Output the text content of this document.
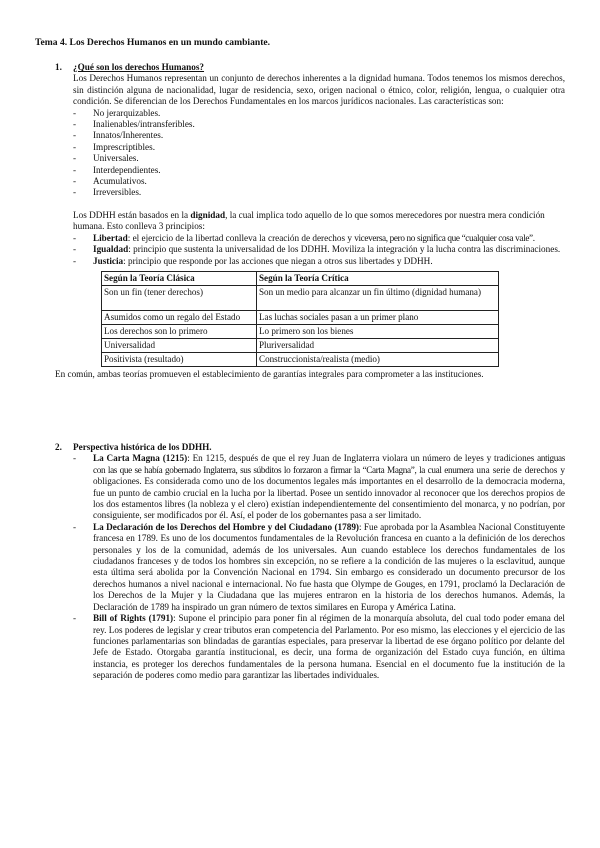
Tema 4. Los Derechos Humanos en un mundo cambiante.
1.	¿Qué son los derechos Humanos?

Los Derechos Humanos representan un conjunto de derechos inherentes a la dignidad humana. Todos tenemos los mismos derechos, sin distinción alguna de nacionalidad, lugar de residencia, sexo, origen nacional o étnico, color, religión, lengua, o cualquier otra condición. Se diferencian de los Derechos Fundamentales en los marcos jurídicos nacionales. Las características son:

-	No jerarquizables.
-	Inalienables/intransferibles.
-	Innatos/Inherentes.
-	Imprescriptibles.
-	Universales.
-	Interdependientes.
-	Acumulativos.
-	Irreversibles.

Los DDHH están basados en la dignidad, la cual implica todo aquello de lo que somos merecedores por nuestra mera condición humana. Esto conlleva 3 principios:

-	Libertad: el ejercicio de la libertad conlleva la creación de derechos y viceversa, pero no significa que “cualquier cosa vale”.
-	Igualdad: principio que sustenta la universalidad de los DDHH. Moviliza la integración y la lucha contra las discriminaciones.
-	Justicia: principio que responde por las acciones que niegan a otros sus libertades y DDHH.
Según la Teoría Clásica	Según la Teoría Crítica
Son un fin (tener derechos)	Son un medio para alcanzar un fin último (dignidad humana)
Asumidos como un regalo del Estado	Las luchas sociales pasan a un primer plano
Los derechos son lo primero	Lo primero son los bienes
Universalidad	Pluriversalidad
Positivista (resultado)	Construccionista/realista (medio)

En común, ambas teorías promueven el establecimiento de garantías integrales para comprometer a las instituciones.

2.	Perspectiva histórica de los DDHH.
-	La Carta Magna (1215): En 1215, después de que el rey Juan de Inglaterra violara un número de leyes y tradiciones antiguas con las que se había gobernado Inglaterra, sus súbditos lo forzaron a firmar la “Carta Magna”, la cual enumera una serie de derechos y obligaciones. Es considerada como uno de los documentos legales más importantes en el desarrollo de la democracia moderna, fue un punto de cambio crucial en la lucha por la libertad. Posee un sentido innovador al reconocer que los derechos propios de los dos estamentos libres (la nobleza y el clero) existían independientemente del consentimiento del monarca, y no podrían, por consiguiente, ser modificados por él. Así, el poder de los gobernantes pasa a ser limitado.
-	La Declaración de los Derechos del Hombre y del Ciudadano (1789): Fue aprobada por la Asamblea Nacional Constituyente francesa en 1789. Es uno de los documentos fundamentales de la Revolución francesa en cuanto a la definición de los derechos personales y los de la comunidad, además de los universales. Aun cuando establece los derechos fundamentales de los ciudadanos franceses y de todos los hombres sin excepción, no se refiere a la condición de las mujeres o la esclavitud, aunque esta última será abolida por la Convención Nacional en 1794. Sin embargo es considerado un documento precursor de los derechos humanos a nivel nacional e internacional. No fue hasta que Olympe de Gouges, en 1791, proclamó la Declaración de los Derechos de la Mujer y la Ciudadana que las mujeres entraron en la historia de los derechos humanos. Además, la Declaración de 1789 ha inspirado un gran número de textos similares en Europa y América Latina.
-	Bill of Rights (1791): Supone el principio para poner fin al régimen de la monarquía absoluta, del cual todo poder emana del rey. Los poderes de legislar y crear tributos eran competencia del Parlamento. Por eso mismo, las elecciones y el ejercicio de las funciones parlamentarias son blindadas de garantías especiales, para preservar la libertad de ese órgano político por delante del Jefe de Estado. Otorgaba garantía institucional, es decir, una forma de organización del Estado cuya función, en última instancia, es proteger los derechos fundamentales de la persona humana. Esencial en el documento fue la institución de la separación de poderes como medio para garantizar las libertades individuales.
